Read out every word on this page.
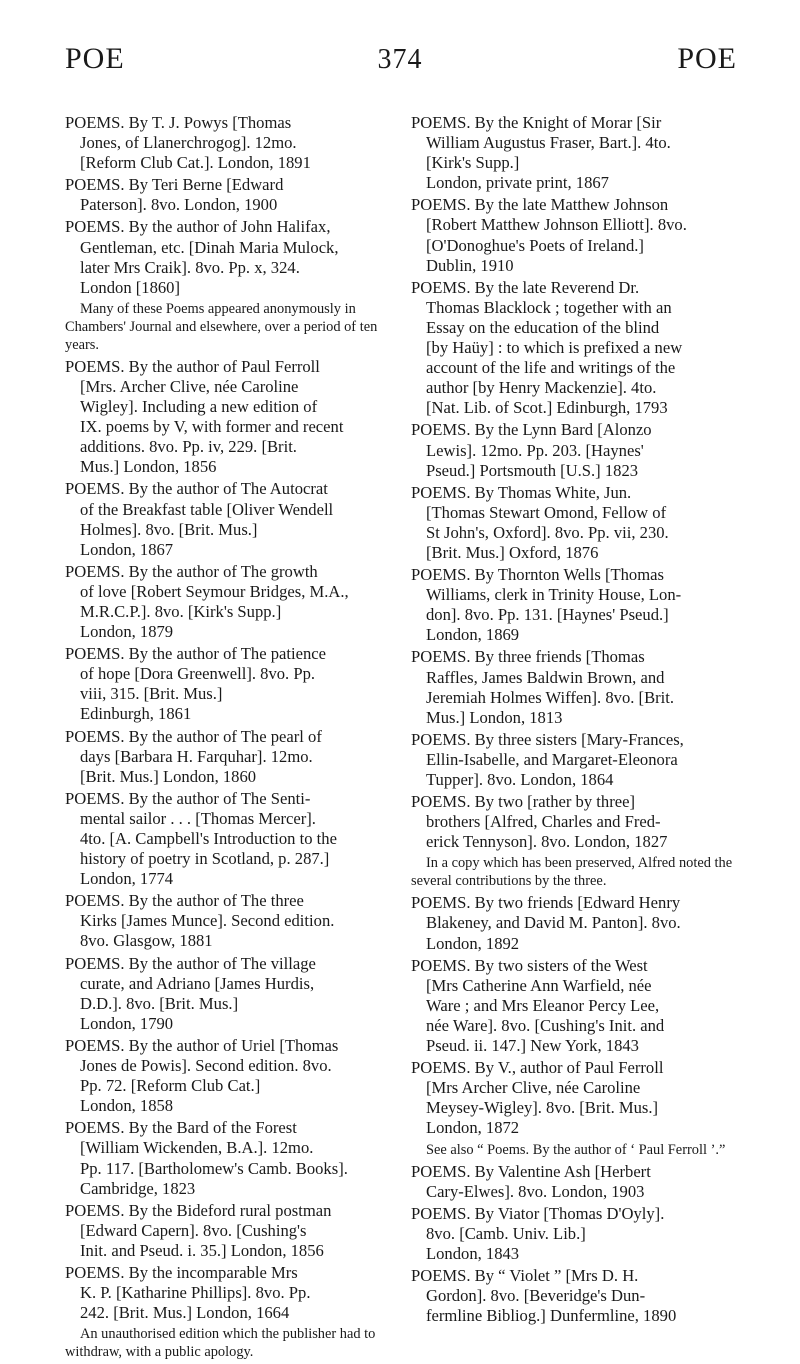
POE	374	POE
POEMS. By T. J. Powys [Thomas
Jones, of Llanerchrogog]. 12mo.
[Reform Club Cat.]. London, 1891
POEMS. By Teri Berne [Edward
Paterson]. 8vo. London, 1900
POEMS. By the author of John Halifax,
Gentleman, etc. [Dinah Maria Mulock,
later Mrs Craik]. 8vo. Pp. x, 324.
London [1860]
Many of these Poems appeared anonymously in Chambers' Journal and elsewhere, over a period of ten years.
POEMS. By the author of Paul Ferroll
[Mrs. Archer Clive, née Caroline
Wigley]. Including a new edition of
IX. poems by V, with former and recent
additions. 8vo. Pp. iv, 229. [Brit.
Mus.] London, 1856
POEMS. By the author of The Autocrat
of the Breakfast table [Oliver Wendell
Holmes]. 8vo. [Brit. Mus.]
London, 1867
POEMS. By the author of The growth
of love [Robert Seymour Bridges, M.A.,
M.R.C.P.]. 8vo. [Kirk's Supp.]
London, 1879
POEMS. By the author of The patience
of hope [Dora Greenwell]. 8vo. Pp.
viii, 315. [Brit. Mus.]
Edinburgh, 1861
POEMS. By the author of The pearl of
days [Barbara H. Farquhar]. 12mo.
[Brit. Mus.] London, 1860
POEMS. By the author of The Senti-
mental sailor . . . [Thomas Mercer].
4to. [A. Campbell's Introduction to the
history of poetry in Scotland, p. 287.]
London, 1774
POEMS. By the author of The three
Kirks [James Munce]. Second edition.
8vo. Glasgow, 1881
POEMS. By the author of The village
curate, and Adriano [James Hurdis,
D.D.]. 8vo. [Brit. Mus.]
London, 1790
POEMS. By the author of Uriel [Thomas
Jones de Powis]. Second edition. 8vo.
Pp. 72. [Reform Club Cat.]
London, 1858
POEMS. By the Bard of the Forest
[William Wickenden, B.A.]. 12mo.
Pp. 117. [Bartholomew's Camb. Books].
Cambridge, 1823
POEMS. By the Bideford rural postman
[Edward Capern]. 8vo. [Cushing's
Init. and Pseud. i. 35.] London, 1856
POEMS. By the incomparable Mrs
K. P. [Katharine Phillips]. 8vo. Pp.
242. [Brit. Mus.] London, 1664
An unauthorised edition which the publisher had to withdraw, with a public apology.
POEMS. By the Knight of Morar [Sir
William Augustus Fraser, Bart.]. 4to.
[Kirk's Supp.]
London, private print, 1867
POEMS. By the late Matthew Johnson
[Robert Matthew Johnson Elliott]. 8vo.
[O'Donoghue's Poets of Ireland.]
Dublin, 1910
POEMS. By the late Reverend Dr.
Thomas Blacklock ; together with an
Essay on the education of the blind
[by Haüy] : to which is prefixed a new
account of the life and writings of the
author [by Henry Mackenzie]. 4to.
[Nat. Lib. of Scot.] Edinburgh, 1793
POEMS. By the Lynn Bard [Alonzo
Lewis]. 12mo. Pp. 203. [Haynes'
Pseud.] Portsmouth [U.S.] 1823
POEMS. By Thomas White, Jun.
[Thomas Stewart Omond, Fellow of
St John's, Oxford]. 8vo. Pp. vii, 230.
[Brit. Mus.] Oxford, 1876
POEMS. By Thornton Wells [Thomas
Williams, clerk in Trinity House, Lon-
don]. 8vo. Pp. 131. [Haynes' Pseud.]
London, 1869
POEMS. By three friends [Thomas
Raffles, James Baldwin Brown, and
Jeremiah Holmes Wiffen]. 8vo. [Brit.
Mus.] London, 1813
POEMS. By three sisters [Mary-Frances,
Ellin-Isabelle, and Margaret-Eleonora
Tupper]. 8vo. London, 1864
POEMS. By two [rather by three]
brothers [Alfred, Charles and Fred-
erick Tennyson]. 8vo. London, 1827
In a copy which has been preserved, Alfred noted the several contributions by the three.
POEMS. By two friends [Edward Henry
Blakeney, and David M. Panton]. 8vo.
London, 1892
POEMS. By two sisters of the West
[Mrs Catherine Ann Warfield, née
Ware ; and Mrs Eleanor Percy Lee,
née Ware]. 8vo. [Cushing's Init. and
Pseud. ii. 147.] New York, 1843
POEMS. By V., author of Paul Ferroll
[Mrs Archer Clive, née Caroline
Meysey-Wigley]. 8vo. [Brit. Mus.]
London, 1872
See also “ Poems. By the author of ‘ Paul Ferroll ’.”
POEMS. By Valentine Ash [Herbert
Cary-Elwes]. 8vo. London, 1903
POEMS. By Viator [Thomas D'Oyly].
8vo. [Camb. Univ. Lib.]
London, 1843
POEMS. By “ Violet ” [Mrs D. H.
Gordon]. 8vo. [Beveridge's Dun-
fermline Bibliog.] Dunfermline, 1890
